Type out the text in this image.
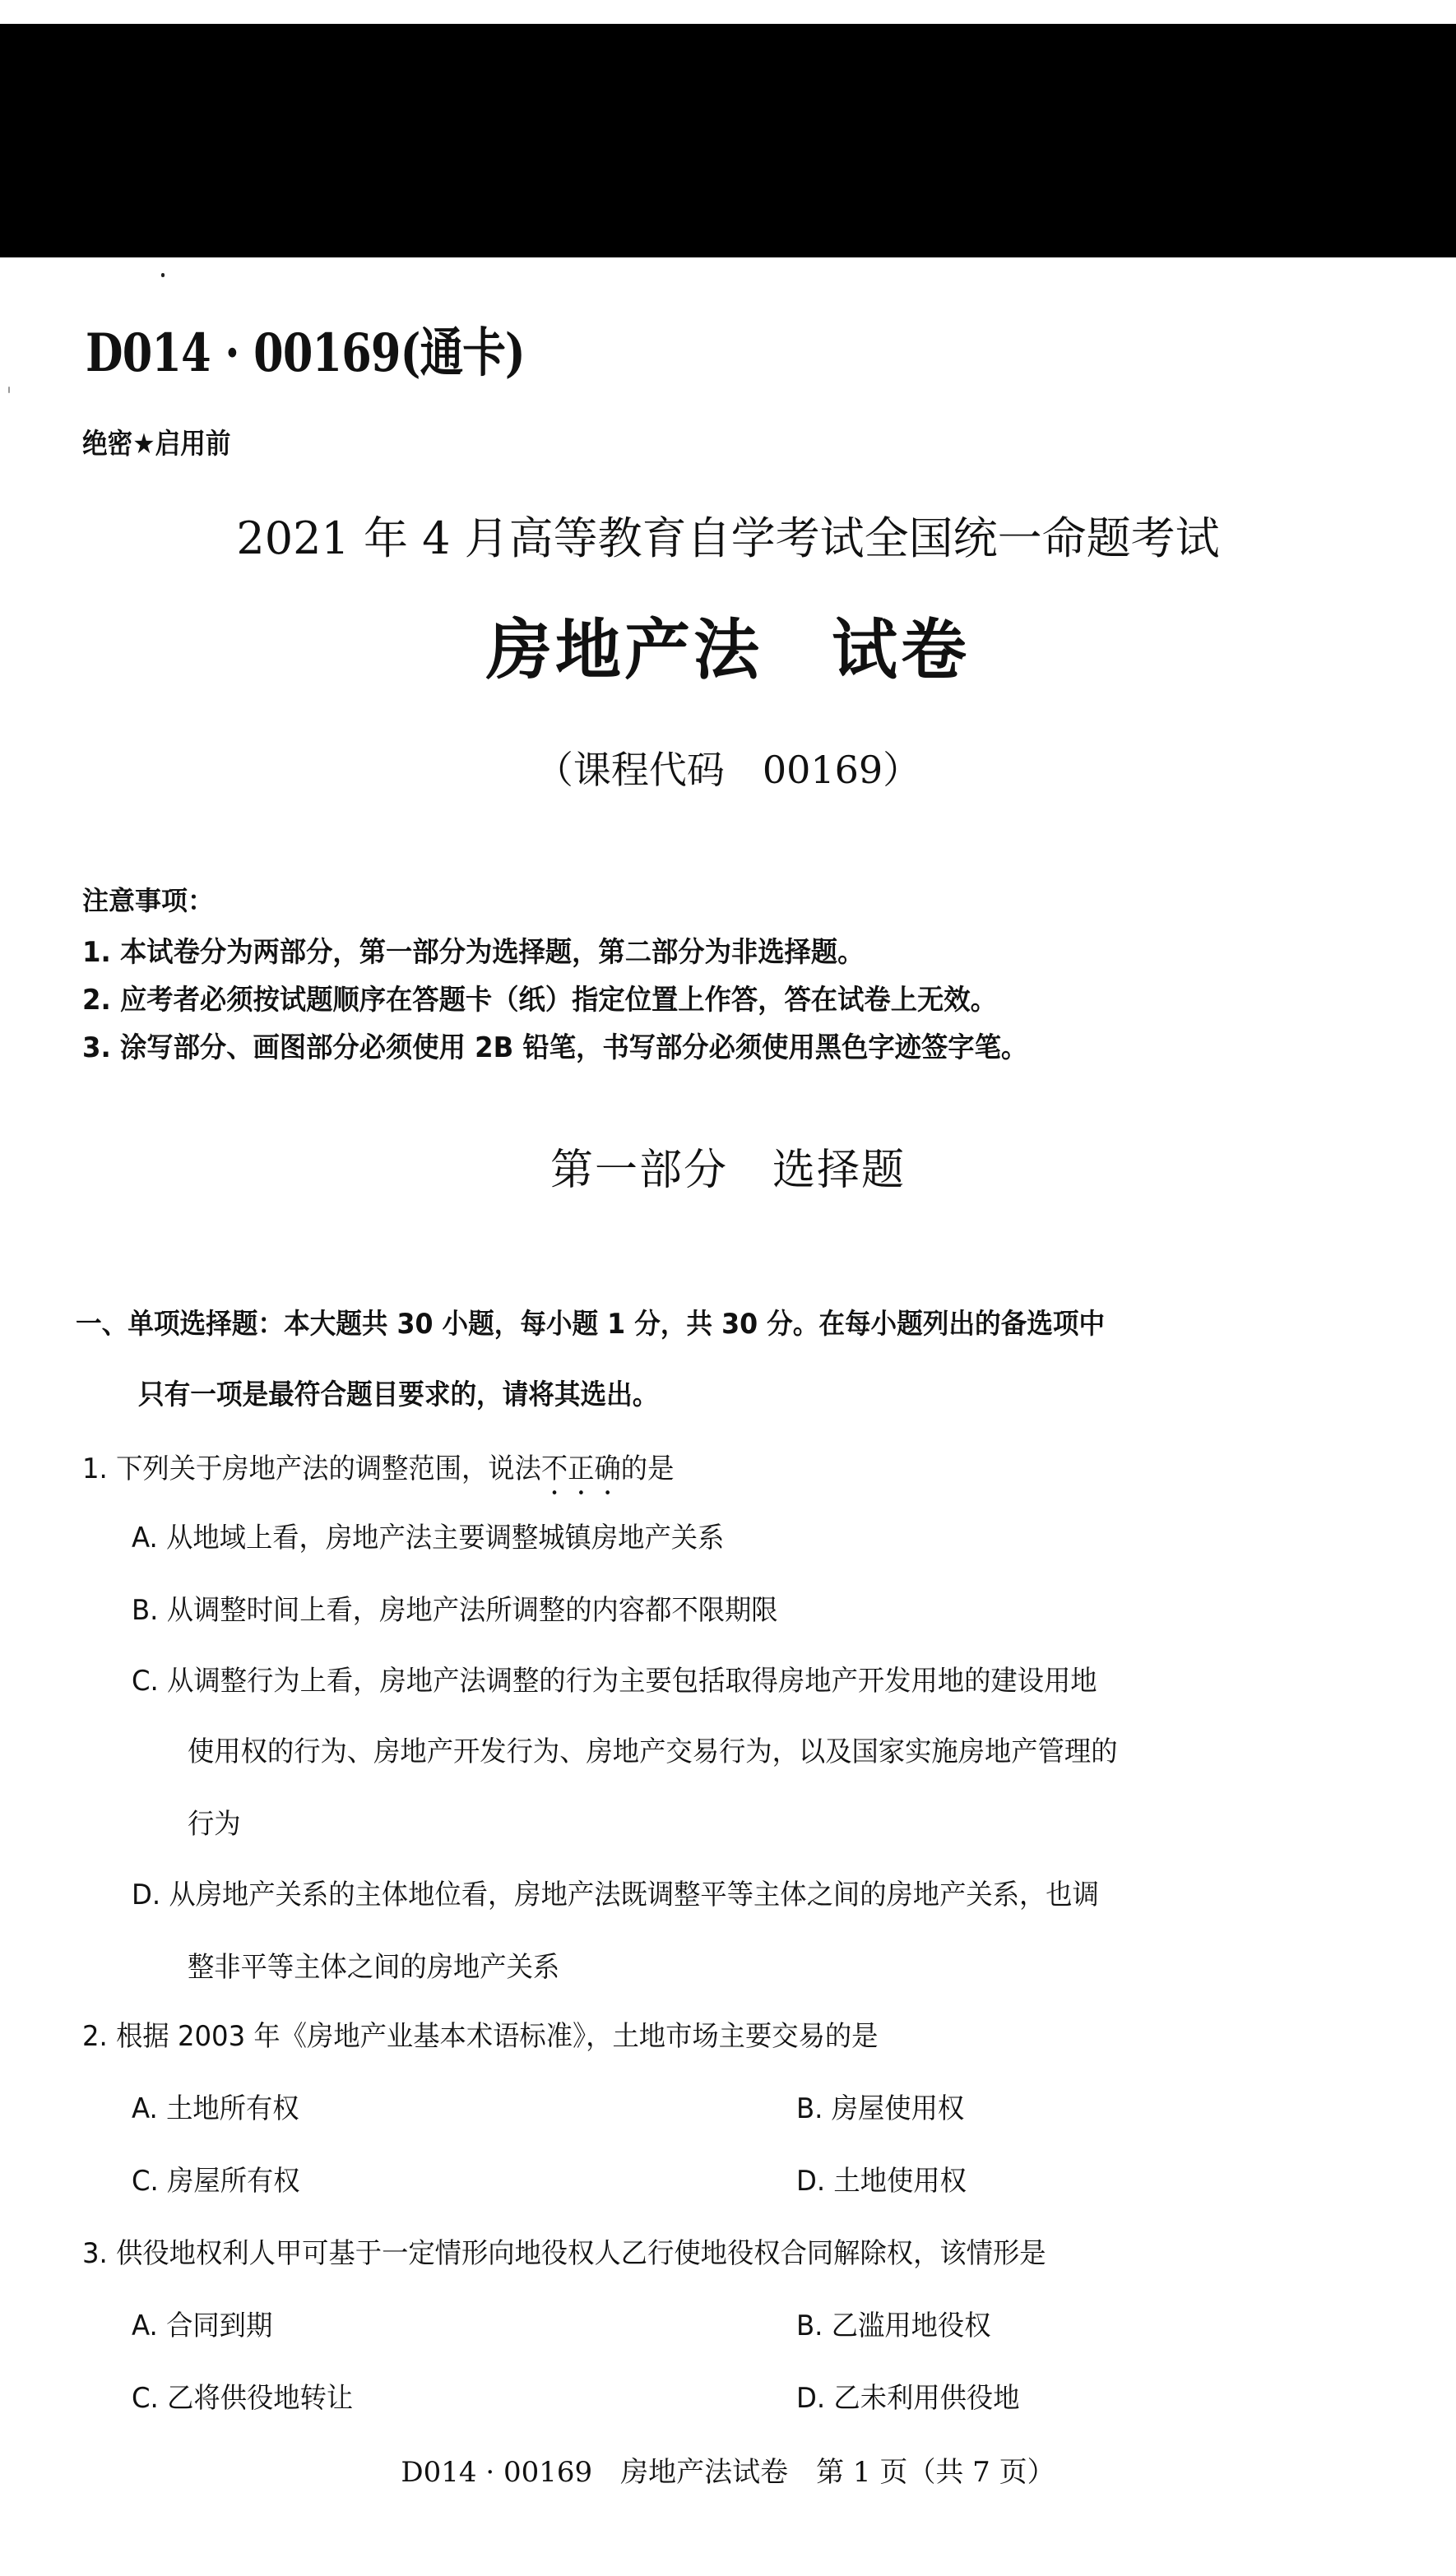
D014 · 00169(通卡)
绝密★启用前
2021 年 4 月高等教育自学考试全国统一命题考试
房地产法　试卷
（课程代码　00169）
注意事项：
1. 本试卷分为两部分，第一部分为选择题，第二部分为非选择题。
2. 应考者必须按试题顺序在答题卡（纸）指定位置上作答，答在试卷上无效。
3. 涂写部分、画图部分必须使用 2B 铅笔，书写部分必须使用黑色字迹签字笔。
第一部分　选择题
一、单项选择题：本大题共 30 小题，每小题 1 分，共 30 分。在每小题列出的备选项中
只有一项是最符合题目要求的，请将其选出。
1. 下列关于房地产法的调整范围，说法不正确的是
A. 从地域上看，房地产法主要调整城镇房地产关系
B. 从调整时间上看，房地产法所调整的内容都不限期限
C. 从调整行为上看，房地产法调整的行为主要包括取得房地产开发用地的建设用地
使用权的行为、房地产开发行为、房地产交易行为，以及国家实施房地产管理的
行为
D. 从房地产关系的主体地位看，房地产法既调整平等主体之间的房地产关系，也调
整非平等主体之间的房地产关系
2. 根据 2003 年《房地产业基本术语标准》，土地市场主要交易的是
A. 土地所有权	B. 房屋使用权
C. 房屋所有权	D. 土地使用权
3. 供役地权利人甲可基于一定情形向地役权人乙行使地役权合同解除权，该情形是
A. 合同到期	B. 乙滥用地役权
C. 乙将供役地转让	D. 乙未利用供役地
D014 · 00169　房地产法试卷　第 1 页（共 7 页）
